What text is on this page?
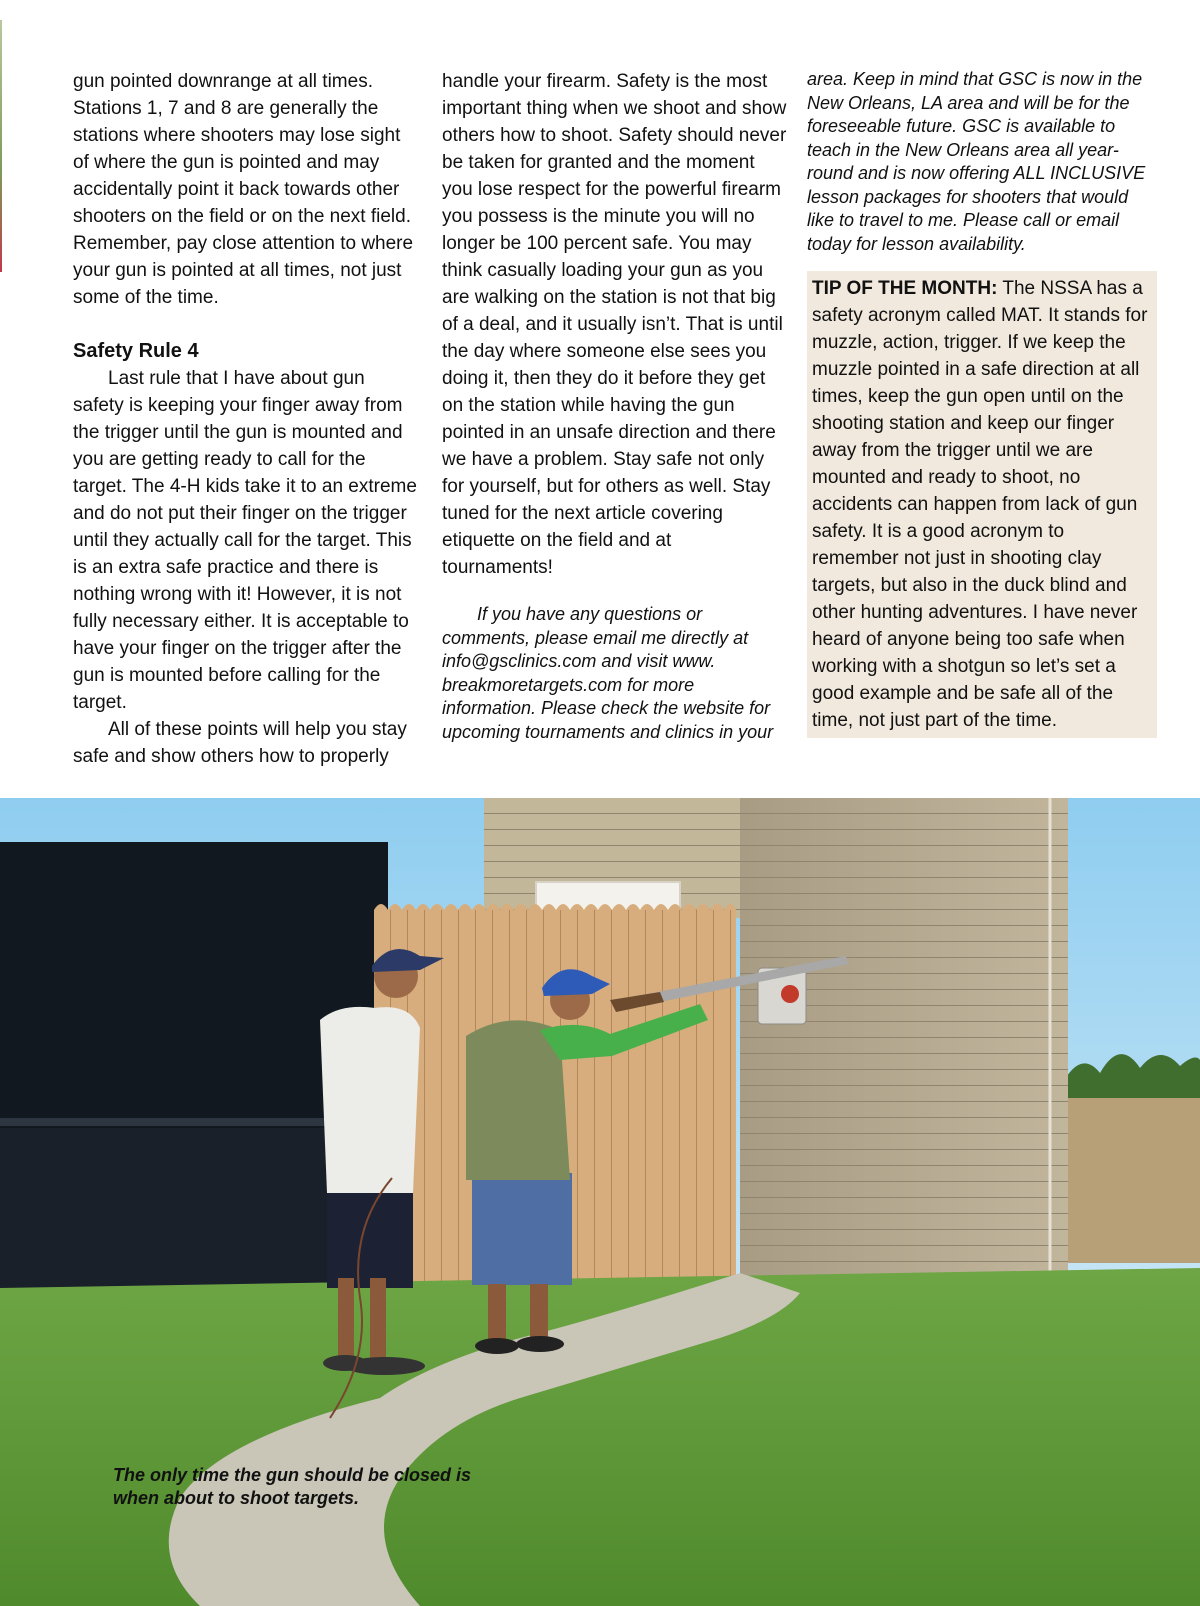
gun pointed downrange at all times. Stations 1, 7 and 8 are generally the stations where shooters may lose sight of where the gun is pointed and may accidentally point it back towards other shooters on the field or on the next field. Remember, pay close attention to where your gun is pointed at all times, not just some of the time.

Safety Rule 4

Last rule that I have about gun safety is keeping your finger away from the trigger until the gun is mounted and you are getting ready to call for the target. The 4-H kids take it to an extreme and do not put their finger on the trigger until they actually call for the target. This is an extra safe practice and there is nothing wrong with it! However, it is not fully necessary either. It is acceptable to have your finger on the trigger after the gun is mounted before calling for the target.

All of these points will help you stay safe and show others how to properly

handle your firearm. Safety is the most important thing when we shoot and show others how to shoot. Safety should never be taken for granted and the moment you lose respect for the powerful firearm you possess is the minute you will no longer be 100 percent safe. You may think casually loading your gun as you are walking on the station is not that big of a deal, and it usually isn’t. That is until the day where someone else sees you doing it, then they do it before they get on the station while having the gun pointed in an unsafe direction and there we have a problem. Stay safe not only for yourself, but for others as well. Stay tuned for the next article covering etiquette on the field and at tournaments!

If you have any questions or comments, please email me directly at info@gsclinics.com and visit www. breakmoretargets.com for more information. Please check the website for upcoming tournaments and clinics in your

area. Keep in mind that GSC is now in the New Orleans, LA area and will be for the foreseeable future. GSC is available to teach in the New Orleans area all year-round and is now offering ALL INCLUSIVE lesson packages for shooters that would like to travel to me. Please call or email today for lesson availability.

TIP OF THE MONTH: The NSSA has a safety acronym called MAT. It stands for muzzle, action, trigger. If we keep the muzzle pointed in a safe direction at all times, keep the gun open until on the shooting station and keep our finger away from the trigger until we are mounted and ready to shoot, no accidents can happen from lack of gun safety. It is a good acronym to remember not just in shooting clay targets, but also in the duck blind and other hunting adventures. I have never heard of anyone being too safe when working with a shotgun so let’s set a good example and be safe all of the time, not just part of the time.

The only time the gun should be closed is when about to shoot targets.
